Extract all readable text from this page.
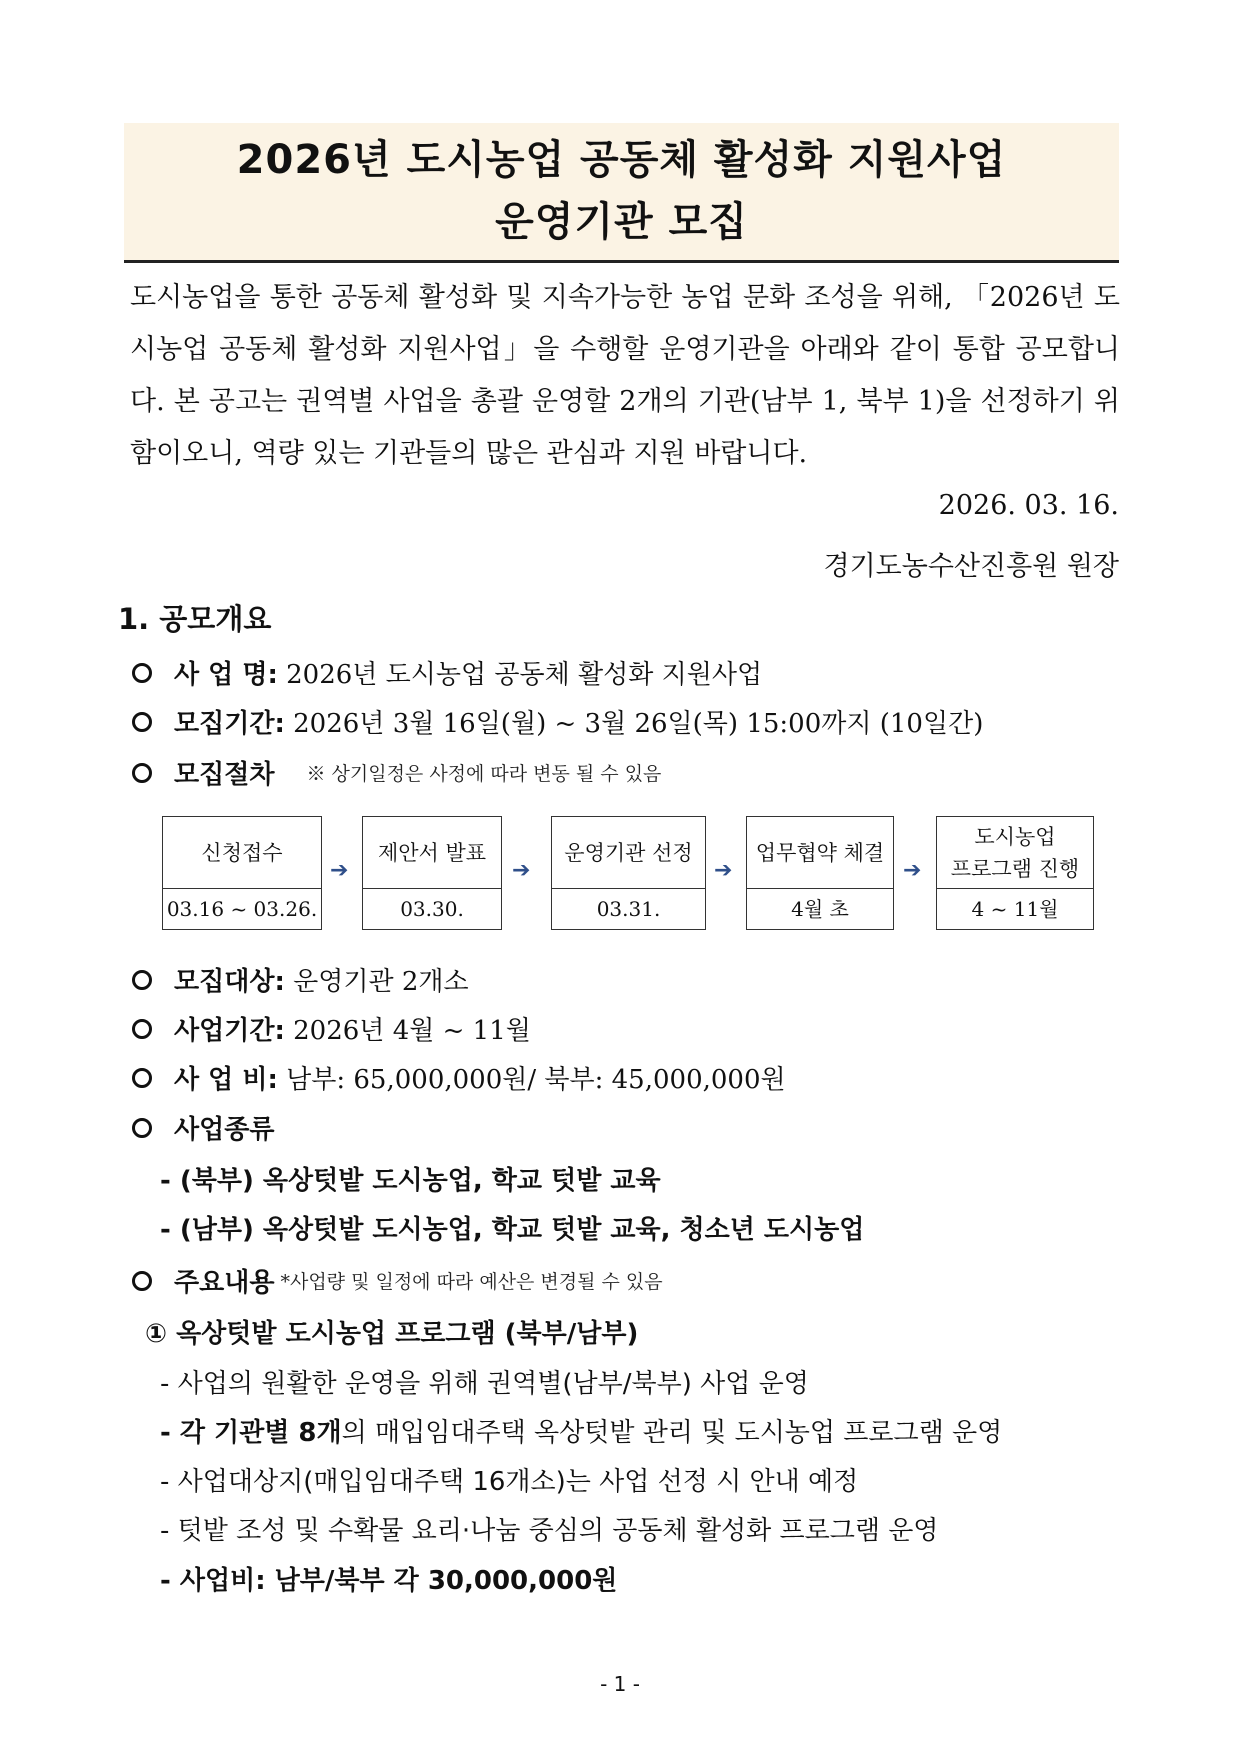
2026년 도시농업 공동체 활성화 지원사업
운영기관 모집
도시농업을 통한 공동체 활성화 및 지속가능한 농업 문화 조성을 위해, 「2026년 도시농업 공동체 활성화 지원사업」을 수행할 운영기관을 아래와 같이 통합 공모합니다. 본 공고는 권역별 사업을 총괄 운영할 2개의 기관(남부 1, 북부 1)을 선정하기 위함이오니, 역량 있는 기관들의 많은 관심과 지원 바랍니다.
2026. 03. 16.
경기도농수산진흥원 원장
1. 공모개요
사 업 명:
2026년 도시농업 공동체 활성화 지원사업
모집기간:
2026년 3월 16일(월) ~ 3월 26일(목) 15:00까지 (10일간)
모집절차 ※ 상기일정은 사정에 따라 변동 될 수 있음
신청접수
03.16 ~ 03.26.
➔
제안서 발표
03.30.
➔
운영기관 선정
03.31.
➔
업무협약 체결
4월 초
➔
도시농업
프로그램 진행
4 ~ 11월
모집대상:
운영기관 2개소
사업기간:
2026년 4월 ~ 11월
사 업 비:
남부: 65,000,000원/ 북부: 45,000,000원
사업종류
- (북부) 옥상텃밭 도시농업, 학교 텃밭 교육
- (남부) 옥상텃밭 도시농업, 학교 텃밭 교육, 청소년 도시농업
주요내용 *사업량 및 일정에 따라 예산은 변경될 수 있음
① 옥상텃밭 도시농업 프로그램 (북부/남부)
- 사업의 원활한 운영을 위해 권역별(남부/북부) 사업 운영
- 각 기관별 8개의 매입임대주택 옥상텃밭 관리 및 도시농업 프로그램 운영
- 사업대상지(매입임대주택 16개소)는 사업 선정 시 안내 예정
- 텃밭 조성 및 수확물 요리·나눔 중심의 공동체 활성화 프로그램 운영
- 사업비: 남부/북부 각 30,000,000원
- 1 -
